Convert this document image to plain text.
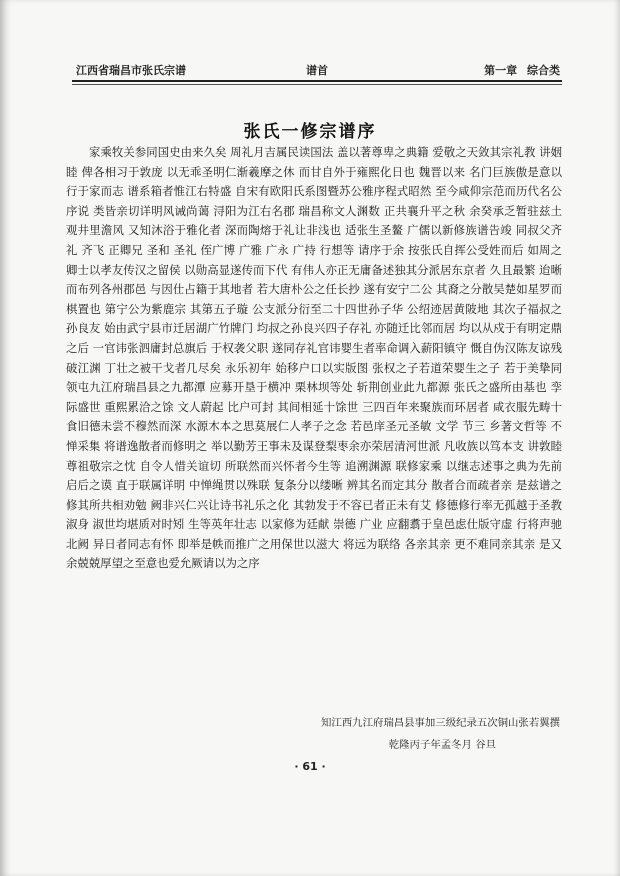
江西省瑞昌市张氏宗谱	谱首	第一章 综合类
张氏一修宗谱序
家乘牧关参同国史由来久矣 周礼月吉属民读国法 盖以著尊卑之典籍 爱敬之天敛其宗礼教 讲姻睦 俾各相习于敦庞 以无乖圣明仁渐羲摩之休 而甘自外于雍熙化日也 魏晋以来 名门巨族傲是意以行于家而志 谱系箱者惟江右特盛 自宋有欧阳氏系图暨苏公雅序程式昭然 至今咸仰宗范而历代名公序说 类皆亲切详明风诫尚蔼 浔阳为江右名郡 瑞昌称文人渊数 正共襄升平之秋 余癸承乏暂驻兹土观井里澹风 又知沐浴于雅化者 深而陶熔于礼让非浅也 适张生圣鳌 广儒以新修族谱告竣 同叔父齐礼 齐飞 正卿兄 圣和 圣礼 侄广博 广雅 广永 广持 行想等 请序于余 按张氏自挥公受姓而后 如周之卿士以孝友传汉之留侯 以勋高显遂传而下代 有伟人亦正无庸备述独其分派居东京者 久且最繁 迨晰而布列各州郡邑 与因仕占籍于其地者 若大唐朴公之任长抄 遂有安宁二公 其裔之分散吴楚如星罗而棋置也 第宁公为紫鹿宗 其第五子璇 公支派分衍至二十四世孙子华 公绍迹居黄陂地 其次子福叔之孙良友 始由武宁县市迁居湖广竹牌门 均叔之孙良兴四子存礼 亦随迁比邻而居 均以从戍于有明定鼎之后 一官讳张泗庸封总旗后 于权袭父职 遂同存礼官讳婴生者率命调入薪阳镇守 慨自伪汉陈友谅残破江渊 丁壮之被干戈者几尽矣 永乐初年 始移户口以实版图 张权之子若道荣婴生之子 若于美挚同领屯九江府瑞昌县之九都潭 应募开垦于横冲 栗林坝等处 斩荆创业此九都源 张氏之盛所由基也 孪际盛世 重熙累洽之馀 文人蔚起 比户可封 其间相延十馀世 三四百年来聚族而环居者 咸衣服先畴十食旧德未尝不穆然而深 水源木本之思莫展仁人孝子之念 若邑庠圣元圣敏 文学 节三 乡著文哲等 不惮采集 将谱逸散者而修明之 举以勤芳王事未及谋登梨枣余亦荣居清河世派 凡收族以笃本支 讲敦睦尊祖敬宗之忱 自令人惜关谊切 所联然而兴怀者今生等 追溯渊源 联修家乘 以继志述事之典为先前启后之谟 直于联属详明 中惮绳贯以殊联 复条分以缕晰 辨其名而定其分 散者合而疏者亲 是兹谱之修其所共相劝勉 阙非兴仁兴让诗书礼乐之化 其勃发于不容已者正未有艾 修德修行率无孤越于圣教 淑身 淑世均堪质对时矧 生等英年壮志 以家修为廷献 崇德 广业 应翻翥于皇邑虑仕版守虚 行将声驰北阙 异日者同志有怀 即举是帙而推广之用保世以滋大 将远为联络 各亲其亲 更不难同亲其亲 是又余兢兢厚望之至意也爱允厥请以为之序
知江西九江府瑞昌县事加三级纪录五次铜山张若翼撰
乾隆丙子年孟冬月 谷旦
· 61 ·
